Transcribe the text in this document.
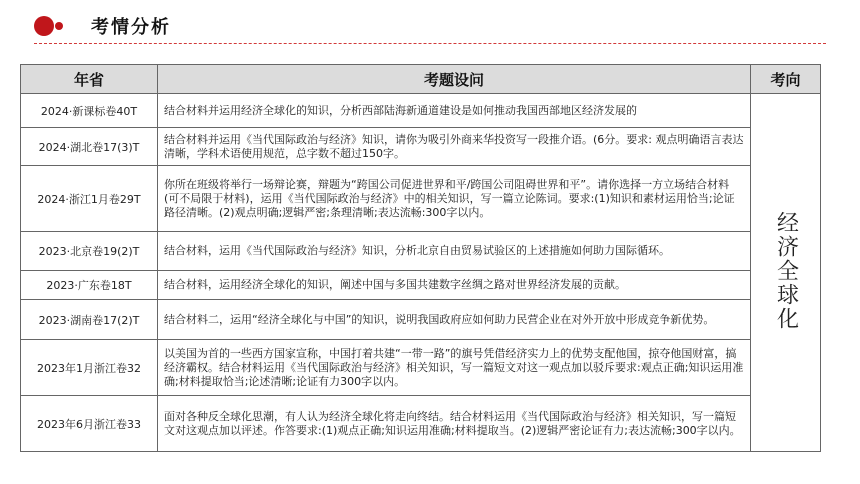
考情分析
年省	考题设问	考向
2024·新课标卷40T	结合材料并运用经济全球化的知识，分析西部陆海新通道建设是如何推动我国西部地区经济发展的	经济全球化
2024·湖北卷17(3)T	结合材料并运用《当代国际政治与经济》知识，请你为吸引外商来华投资写一段推介语。(6分。要求: 观点明确语言表达清晰，学科术语使用规范，总字数不超过150字。	
2024·浙江1月卷29T	你所在班级将举行一场辩论赛，辩题为“跨国公司促进世界和平/跨国公司阻碍世界和平”。请你选择一方立场结合材料(可不局限于材料)，运用《当代国际政治与经济》中的相关知识，写一篇立论陈词。要求:(1)知识和素材运用恰当;论证路径清晰。(2)观点明确;逻辑严密;条理清晰;表达流畅:300字以内。	
2023·北京卷19(2)T	结合材料，运用《当代国际政治与经济》知识，分析北京自由贸易试验区的上述措施如何助力国际循环。	
2023·广东卷18T	结合材料，运用经济全球化的知识，阐述中国与多国共建数字丝绸之路对世界经济发展的贡献。	
2023·湖南卷17(2)T	结合材料二，运用“经济全球化与中国”的知识，说明我国政府应如何助力民营企业在对外开放中形成竞争新优势。	
2023年1月浙江卷32	以美国为首的一些西方国家宣称，中国打着共建“一带一路”的旗号凭借经济实力上的优势支配他国，掠夺他国财富，搞经济霸权。结合材料运用《当代国际政治与经济》相关知识，写一篇短文对这一观点加以驳斥要求:观点正确;知识运用准确;材料提取恰当;论述清晰;论证有力300字以内。	
2023年6月浙江卷33	面对各种反全球化思潮，有人认为经济全球化将走向终结。结合材料运用《当代国际政治与经济》相关知识，写一篇短文对这观点加以评述。作答要求:(1)观点正确;知识运用准确;材料提取当。(2)逻辑严密论证有力;表达流畅;300字以内。	
